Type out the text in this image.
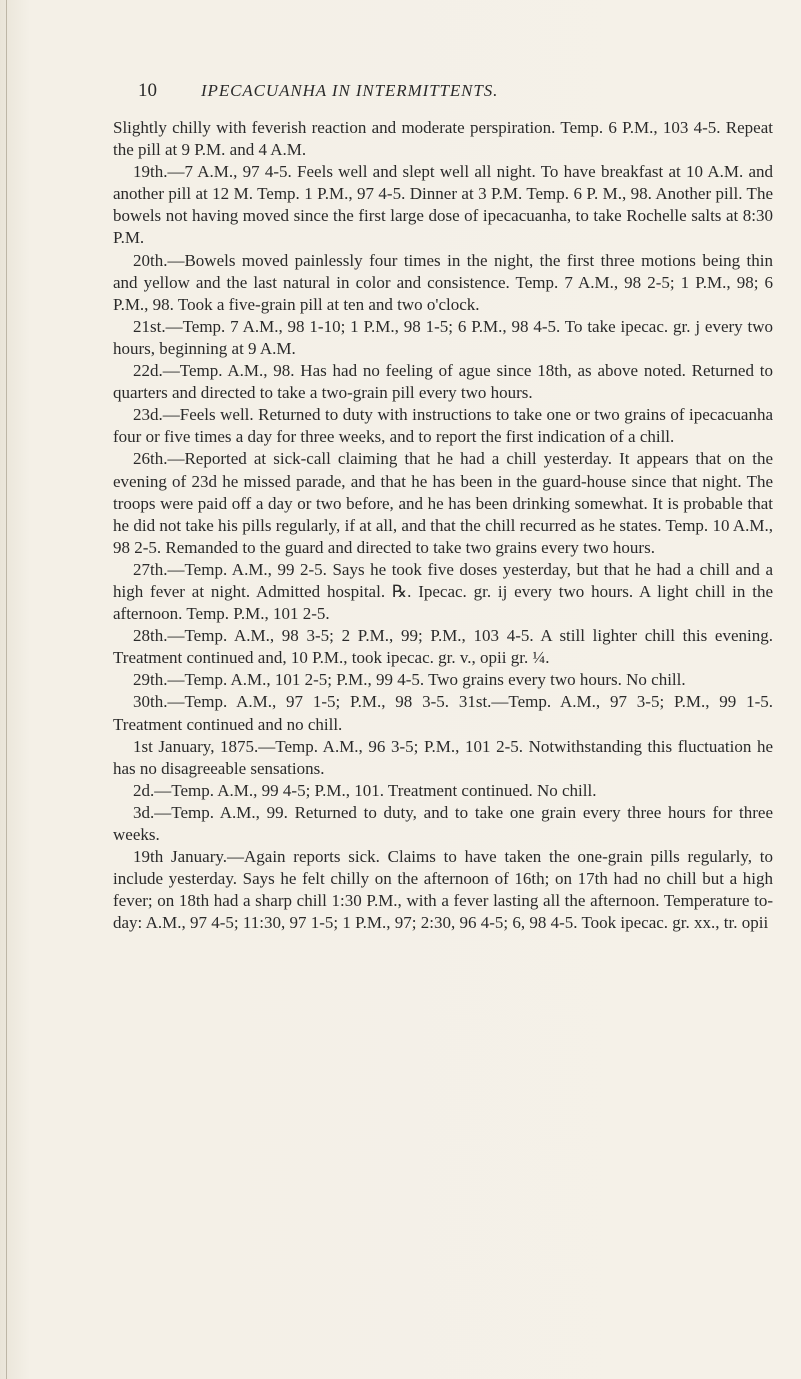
10	IPECACUANHA IN INTERMITTENTS.

Slightly chilly with feverish reaction and moderate perspiration. Temp. 6 P.M., 103 4-5. Repeat the pill at 9 P.M. and 4 A.M.

19th.—7 A.M., 97 4-5. Feels well and slept well all night. To have breakfast at 10 A.M. and another pill at 12 M. Temp. 1 P.M., 97 4-5. Dinner at 3 P.M. Temp. 6 P. M., 98. Another pill. The bowels not having moved since the first large dose of ipecacuanha, to take Rochelle salts at 8:30 P.M.

20th.—Bowels moved painlessly four times in the night, the first three motions being thin and yellow and the last natural in color and consistence. Temp. 7 A.M., 98 2-5; 1 P.M., 98; 6 P.M., 98. Took a five-grain pill at ten and two o'clock.

21st.—Temp. 7 A.M., 98 1-10; 1 P.M., 98 1-5; 6 P.M., 98 4-5. To take ipecac. gr. j every two hours, beginning at 9 A.M.

22d.—Temp. A.M., 98. Has had no feeling of ague since 18th, as above noted. Returned to quarters and directed to take a two-grain pill every two hours.

23d.—Feels well. Returned to duty with instructions to take one or two grains of ipecacuanha four or five times a day for three weeks, and to report the first indication of a chill.

26th.—Reported at sick-call claiming that he had a chill yesterday. It appears that on the evening of 23d he missed parade, and that he has been in the guard-house since that night. The troops were paid off a day or two before, and he has been drinking somewhat. It is probable that he did not take his pills regularly, if at all, and that the chill recurred as he states. Temp. 10 A.M., 98 2-5. Remanded to the guard and directed to take two grains every two hours.

27th.—Temp. A.M., 99 2-5. Says he took five doses yesterday, but that he had a chill and a high fever at night. Admitted hospital. ℞. Ipecac. gr. ij every two hours. A light chill in the afternoon. Temp. P.M., 101 2-5.

28th.—Temp. A.M., 98 3-5; 2 P.M., 99; P.M., 103 4-5. A still lighter chill this evening. Treatment continued and, 10 P.M., took ipecac. gr. v., opii gr. ¼.

29th.—Temp. A.M., 101 2-5; P.M., 99 4-5. Two grains every two hours. No chill.

30th.—Temp. A.M., 97 1-5; P.M., 98 3-5. 31st.—Temp. A.M., 97 3-5; P.M., 99 1-5. Treatment continued and no chill.

1st January, 1875.—Temp. A.M., 96 3-5; P.M., 101 2-5. Notwithstanding this fluctuation he has no disagreeable sensations.

2d.—Temp. A.M., 99 4-5; P.M., 101. Treatment continued. No chill.

3d.—Temp. A.M., 99. Returned to duty, and to take one grain every three hours for three weeks.

19th January.—Again reports sick. Claims to have taken the one-grain pills regularly, to include yesterday. Says he felt chilly on the afternoon of 16th; on 17th had no chill but a high fever; on 18th had a sharp chill 1:30 P.M., with a fever lasting all the afternoon. Temperature to-day: A.M., 97 4-5; 11:30, 97 1-5; 1 P.M., 97; 2:30, 96 4-5; 6, 98 4-5. Took ipecac. gr. xx., tr. opii
